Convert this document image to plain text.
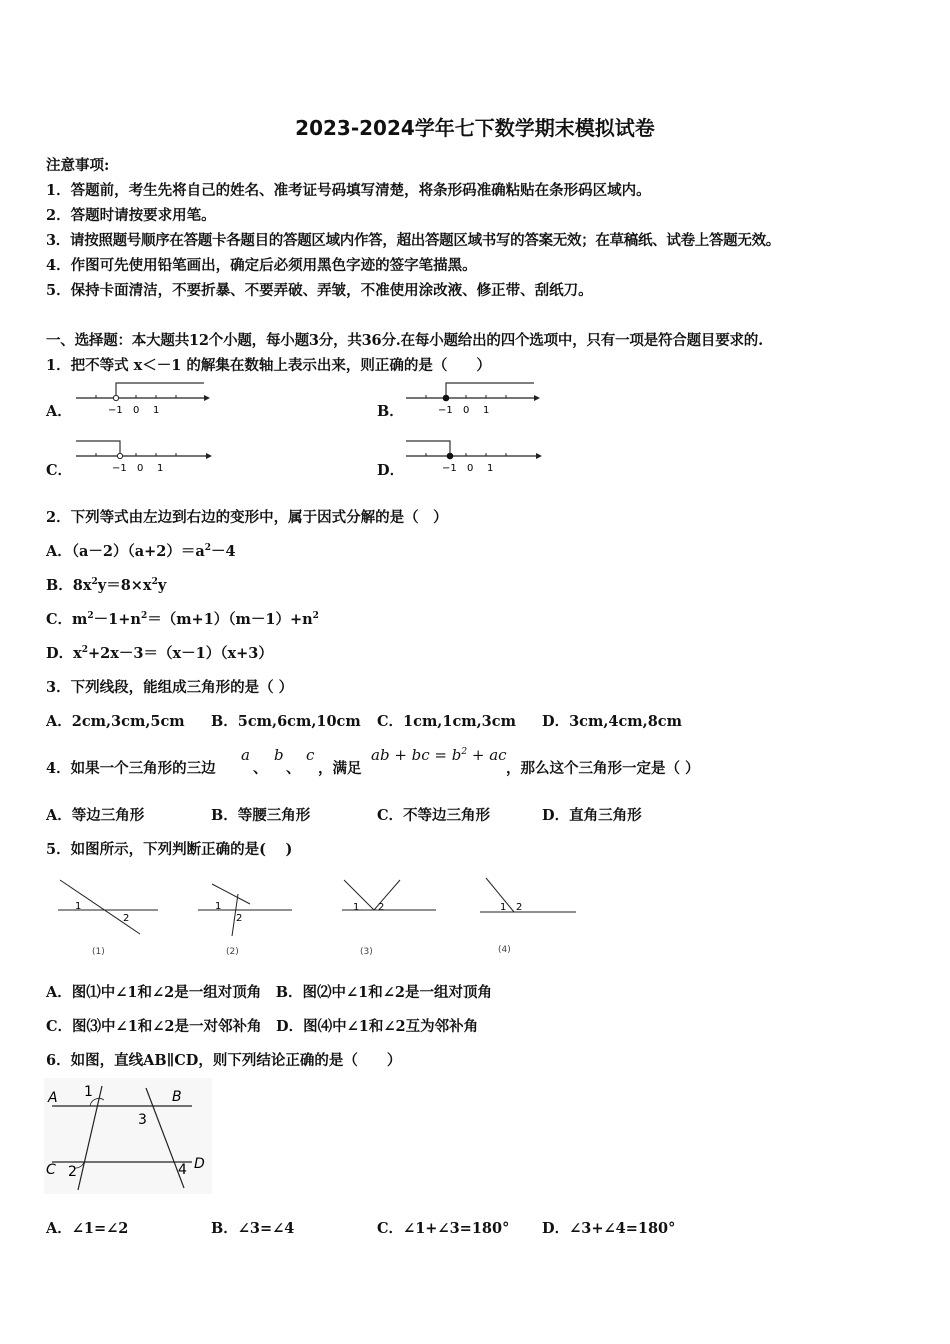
2023-2024学年七下数学期末模拟试卷
注意事项:
1．答题前，考生先将自己的姓名、准考证号码填写清楚，将条形码准确粘贴在条形码区域内。
2．答题时请按要求用笔。
3．请按照题号顺序在答题卡各题目的答题区域内作答，超出答题区域书写的答案无效；在草稿纸、试卷上答题无效。
4．作图可先使用铅笔画出，确定后必须用黑色字迹的签字笔描黑。
5．保持卡面清洁，不要折暴、不要弄破、弄皱，不准使用涂改液、修正带、刮纸刀。
一、选择题：本大题共12个小题，每小题3分，共36分.在每小题给出的四个选项中，只有一项是符合题目要求的.
1．把不等式 x＜－1 的解集在数轴上表示出来，则正确的是（　　）
A．	−1 0 1	B．	−1 0 1
C．	−1 0 1	D．	−1 0 1
2．下列等式由左边到右边的变形中，属于因式分解的是（　）
A．$(a-2)(a+2)=a^2-4$
B．$8x^2y=8\times x^2y$
C．$m^2-1+n^2=(m+1)(m-1)+n^2$
D．$x^2+2x-3=(x-1)(x+3)$
3．下列线段，能组成三角形的是（ ）
A．2cm,3cm,5cm B．5cm,6cm,10cm C．1cm,1cm,3cm D．3cm,4cm,8cm
4．如果一个三角形的三边
a
、
b
、
c
，满足
ab + bc = $b^2$ + ac
，那么这个三角形一定是（ ）
A．等边三角形	B．等腰三角形	C．不等边三角形	D．直角三角形
5．如图所示，下列判断正确的是(　 )
1
2
(1)
1
2
(2)
1 2
(3)
1 2
(4)
A．图⑴中∠1和∠2是一组对顶角　B．图⑵中∠1和∠2是一组对顶角
C．图⑶中∠1和∠2是一对邻补角　D．图⑷中∠1和∠2互为邻补角
6．如图，直线AB∥CD，则下列结论正确的是（　　）
A	B
C	D
1
2
3
4
A．∠1=∠2	B．∠3=∠4	C．∠1+∠3=180° D．∠3+∠4=180°
